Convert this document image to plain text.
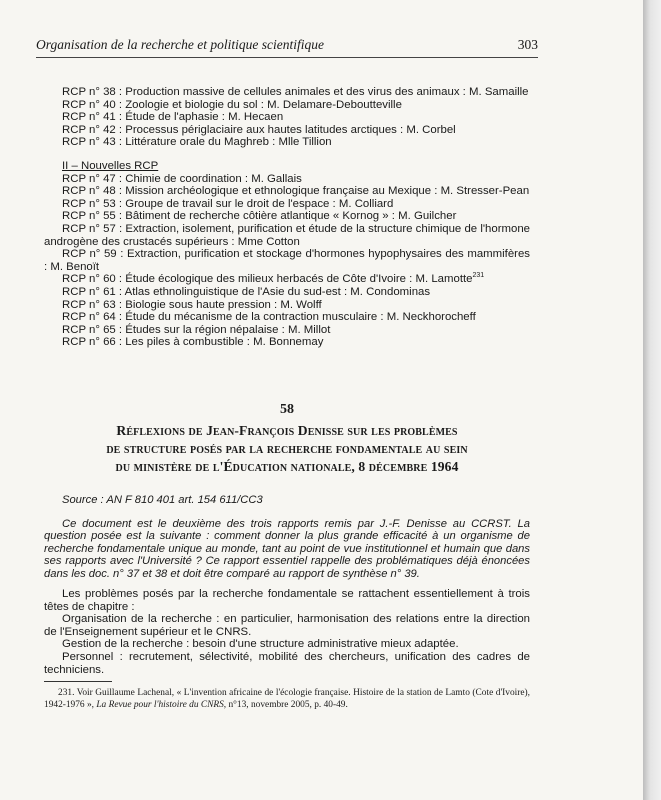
Organisation de la recherche et politique scientifique	303
RCP n° 38 : Production massive de cellules animales et des virus des animaux : M. Samaille
RCP n° 40 : Zoologie et biologie du sol : M. Delamare-Deboutteville
RCP n° 41 : Étude de l'aphasie : M. Hecaen
RCP n° 42 : Processus périglaciaire aux hautes latitudes arctiques : M. Corbel
RCP n° 43 : Littérature orale du Maghreb : Mlle Tillion
II – Nouvelles RCP
RCP n° 47 : Chimie de coordination : M. Gallais
RCP n° 48 : Mission archéologique et ethnologique française au Mexique : M. Stresser-Pean
RCP n° 53 : Groupe de travail sur le droit de l'espace : M. Colliard
RCP n° 55 : Bâtiment de recherche côtière atlantique « Kornog » : M. Guilcher
RCP n° 57 : Extraction, isolement, purification et étude de la structure chimique de l'hormone androgène des crustacés supérieurs : Mme Cotton
RCP n° 59 : Extraction, purification et stockage d'hormones hypophysaires des mammifères : M. Benoït
RCP n° 60 : Étude écologique des milieux herbacés de Côte d'Ivoire : M. Lamotte$^{231}$
RCP n° 61 : Atlas ethnolinguistique de l'Asie du sud-est : M. Condominas
RCP n° 63 : Biologie sous haute pression : M. Wolff
RCP n° 64 : Étude du mécanisme de la contraction musculaire : M. Neckhorocheff
RCP n° 65 : Études sur la région népalaise : M. Millot
RCP n° 66 : Les piles à combustible : M. Bonnemay
58
Réflexions de Jean-François Denisse sur les problèmes
de structure posés par la recherche fondamentale au sein
du ministère de l'Éducation nationale, 8 décembre 1964
Source : AN F 810 401 art. 154 611/CC3
Ce document est le deuxième des trois rapports remis par J.-F. Denisse au CCRST. La question posée est la suivante : comment donner la plus grande efficacité à un organisme de recherche fondamentale unique au monde, tant au point de vue institutionnel et humain que dans ses rapports avec l'Université ? Ce rapport essentiel rappelle des problématiques déjà énoncées dans les doc. n° 37 et 38 et doit être comparé au rapport de synthèse n° 39.

Les problèmes posés par la recherche fondamentale se rattachent essentiellement à trois têtes de chapitre :

Organisation de la recherche : en particulier, harmonisation des relations entre la direction de l'Enseignement supérieur et le CNRS.

Gestion de la recherche : besoin d'une structure administrative mieux adaptée.

Personnel : recrutement, sélectivité, mobilité des chercheurs, unification des cadres de techniciens.

231. Voir Guillaume Lachenal, « L'invention africaine de l'écologie française. Histoire de la station de Lamto (Cote d'Ivoire), 1942-1976 », La Revue pour l'histoire du CNRS, n°13, novembre 2005, p. 40-49.
